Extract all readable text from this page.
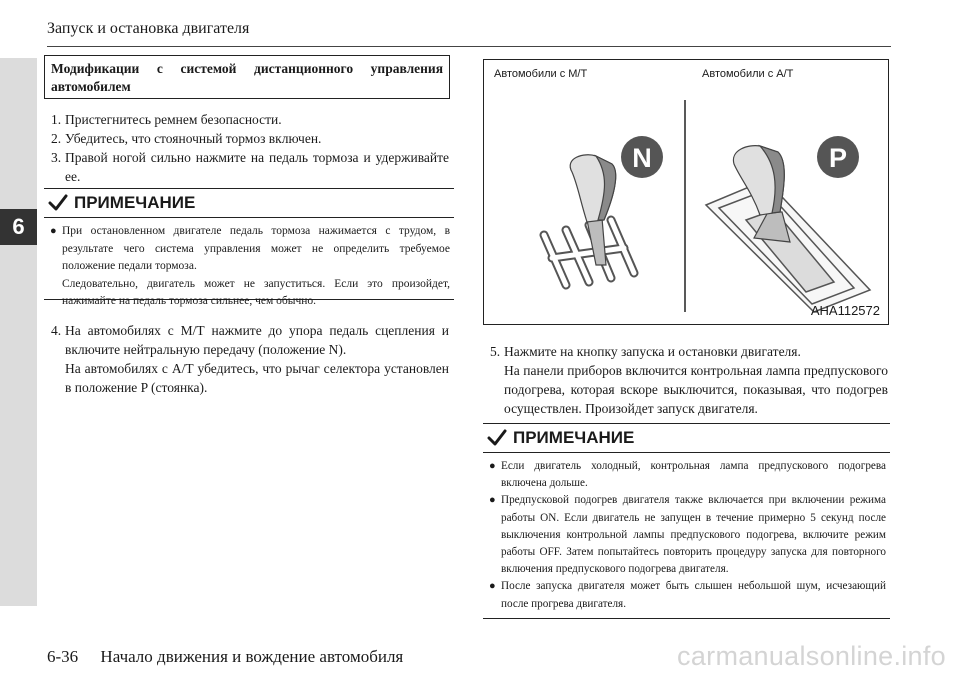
Запуск и остановка двигателя
6
Модификации с системой дистанционного управления автомобилем
1. Пристегнитесь ремнем безопасности.
2. Убедитесь, что стояночный тормоз включен.
3. Правой ногой сильно нажмите на педаль тормоза и удерживайте ее.
ПРИМЕЧАНИЕ
● При остановленном двигателе педаль тормоза нажимается с трудом, в результате чего система управления может не определить требуемое положение педали тормоза.
Следовательно, двигатель может не запуститься. Если это произойдет, нажимайте на педаль тормоза сильнее, чем обычно.
4. На автомобилях с М/Т нажмите до упора педаль сцепления и включите нейтральную передачу (положение N).
На автомобилях с А/Т убедитесь, что рычаг селектора установлен в положение P (стоянка).
Автомобили с М/Т	Автомобили с А/Т
N	P
AHA112572
5. Нажмите на кнопку запуска и остановки двигателя.
На панели приборов включится контрольная лампа предпускового подогрева, которая вскоре выключится, показывая, что подогрев осуществлен. Произойдет запуск двигателя.
ПРИМЕЧАНИЕ
● Если двигатель холодный, контрольная лампа предпускового подогрева включена дольше.
● Предпусковой подогрев двигателя также включается при включении режима работы ON. Если двигатель не запущен в течение примерно 5 секунд после выключения контрольной лампы предпускового подогрева, включите режим работы OFF. Затем попытайтесь повторить процедуру запуска для повторного включения предпускового подогрева двигателя.
● После запуска двигателя может быть слышен небольшой шум, исчезающий после прогрева двигателя.
6-36 Начало движения и вождение автомобиля	carmanualsonline.info
